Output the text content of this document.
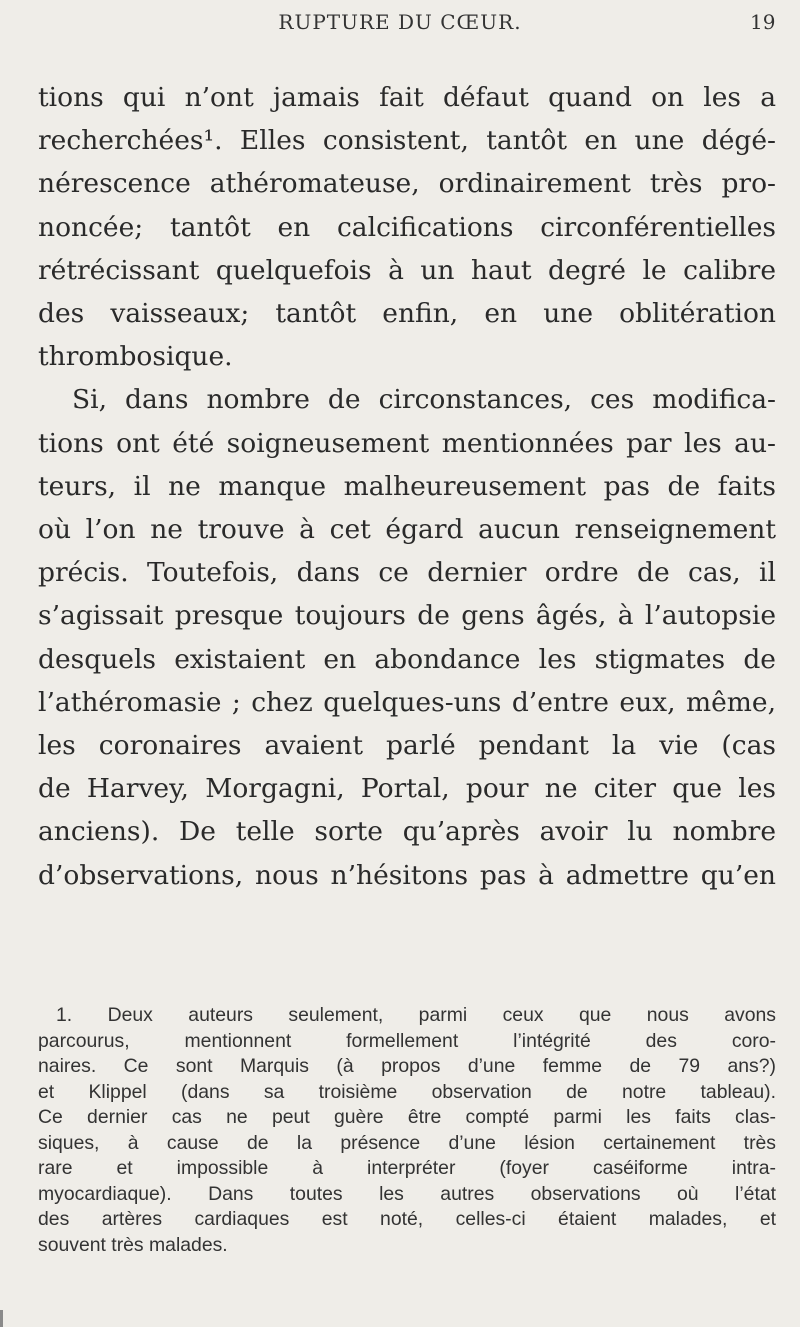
RUPTURE DU CŒUR.	19
tions qui n’ont jamais fait défaut quand on les a
recherchées¹. Elles consistent, tantôt en une dégé-
nérescence athéromateuse, ordinairement très pro-
noncée; tantôt en calcifications circonférentielles
rétrécissant quelquefois à un haut degré le calibre
des vaisseaux; tantôt enfin, en une oblitération
thrombosique.
Si, dans nombre de circonstances, ces modifica-
tions ont été soigneusement mentionnées par les au-
teurs, il ne manque malheureusement pas de faits
où l’on ne trouve à cet égard aucun renseignement
précis. Toutefois, dans ce dernier ordre de cas, il
s’agissait presque toujours de gens âgés, à l’autopsie
desquels existaient en abondance les stigmates de
l’athéromasie ; chez quelques-uns d’entre eux, même,
les coronaires avaient parlé pendant la vie (cas
de Harvey, Morgagni, Portal, pour ne citer que les
anciens). De telle sorte qu’après avoir lu nombre
d’observations, nous n’hésitons pas à admettre qu’en
1. Deux auteurs seulement, parmi ceux que nous avons
parcourus, mentionnent formellement l’intégrité des coro-
naires. Ce sont Marquis (à propos d’une femme de 79 ans?)
et Klippel (dans sa troisième observation de notre tableau).
Ce dernier cas ne peut guère être compté parmi les faits clas-
siques, à cause de la présence d’une lésion certainement très
rare et impossible à interpréter (foyer caséiforme intra-
myocardiaque). Dans toutes les autres observations où l’état
des artères cardiaques est noté, celles-ci étaient malades, et
souvent très malades.
